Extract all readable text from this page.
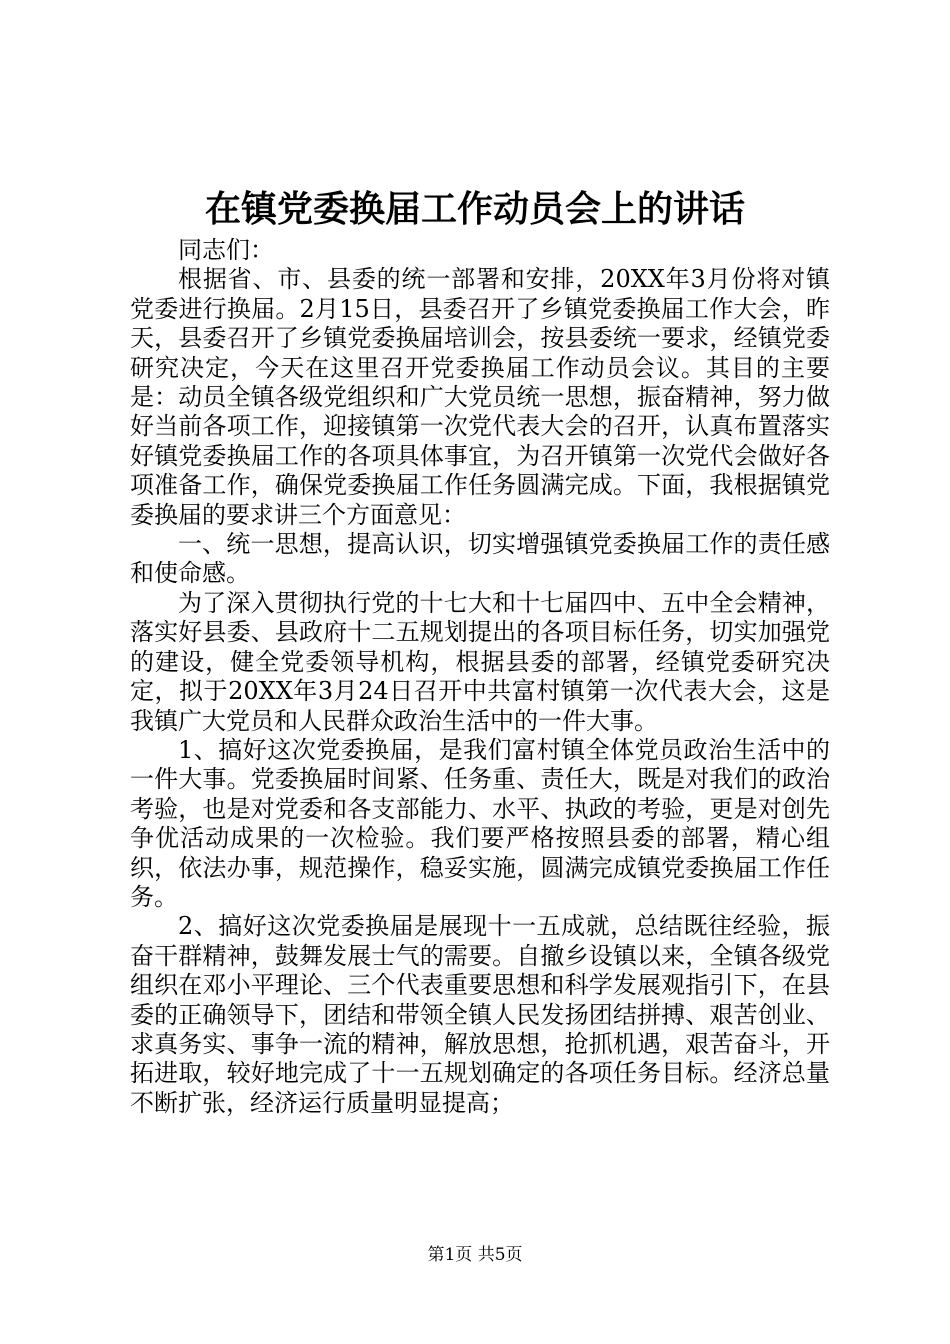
在镇党委换届工作动员会上的讲话

同志们：

根据省、市、县委的统一部署和安排，20XX年3月份将对镇党委进行换届。2月15日，县委召开了乡镇党委换届工作大会，昨天，县委召开了乡镇党委换届培训会，按县委统一要求，经镇党委研究决定，今天在这里召开党委换届工作动员会议。其目的主要是：动员全镇各级党组织和广大党员统一思想，振奋精神，努力做好当前各项工作，迎接镇第一次党代表大会的召开，认真布置落实好镇党委换届工作的各项具体事宜，为召开镇第一次党代会做好各项准备工作，确保党委换届工作任务圆满完成。下面，我根据镇党委换届的要求讲三个方面意见：

一、统一思想，提高认识，切实增强镇党委换届工作的责任感和使命感。

为了深入贯彻执行党的十七大和十七届四中、五中全会精神，落实好县委、县政府十二五规划提出的各项目标任务，切实加强党的建设，健全党委领导机构，根据县委的部署，经镇党委研究决定，拟于20XX年3月24日召开中共富村镇第一次代表大会，这是我镇广大党员和人民群众政治生活中的一件大事。

1、搞好这次党委换届，是我们富村镇全体党员政治生活中的一件大事。党委换届时间紧、任务重、责任大，既是对我们的政治考验，也是对党委和各支部能力、水平、执政的考验，更是对创先争优活动成果的一次检验。我们要严格按照县委的部署，精心组织，依法办事，规范操作，稳妥实施，圆满完成镇党委换届工作任务。

2、搞好这次党委换届是展现十一五成就，总结既往经验，振奋干群精神，鼓舞发展士气的需要。自撤乡设镇以来，全镇各级党组织在邓小平理论、三个代表重要思想和科学发展观指引下，在县委的正确领导下，团结和带领全镇人民发扬团结拼搏、艰苦创业、求真务实、事争一流的精神，解放思想，抢抓机遇，艰苦奋斗，开拓进取，较好地完成了十一五规划确定的各项任务目标。经济总量不断扩张，经济运行质量明显提高；

第1页 共5页
